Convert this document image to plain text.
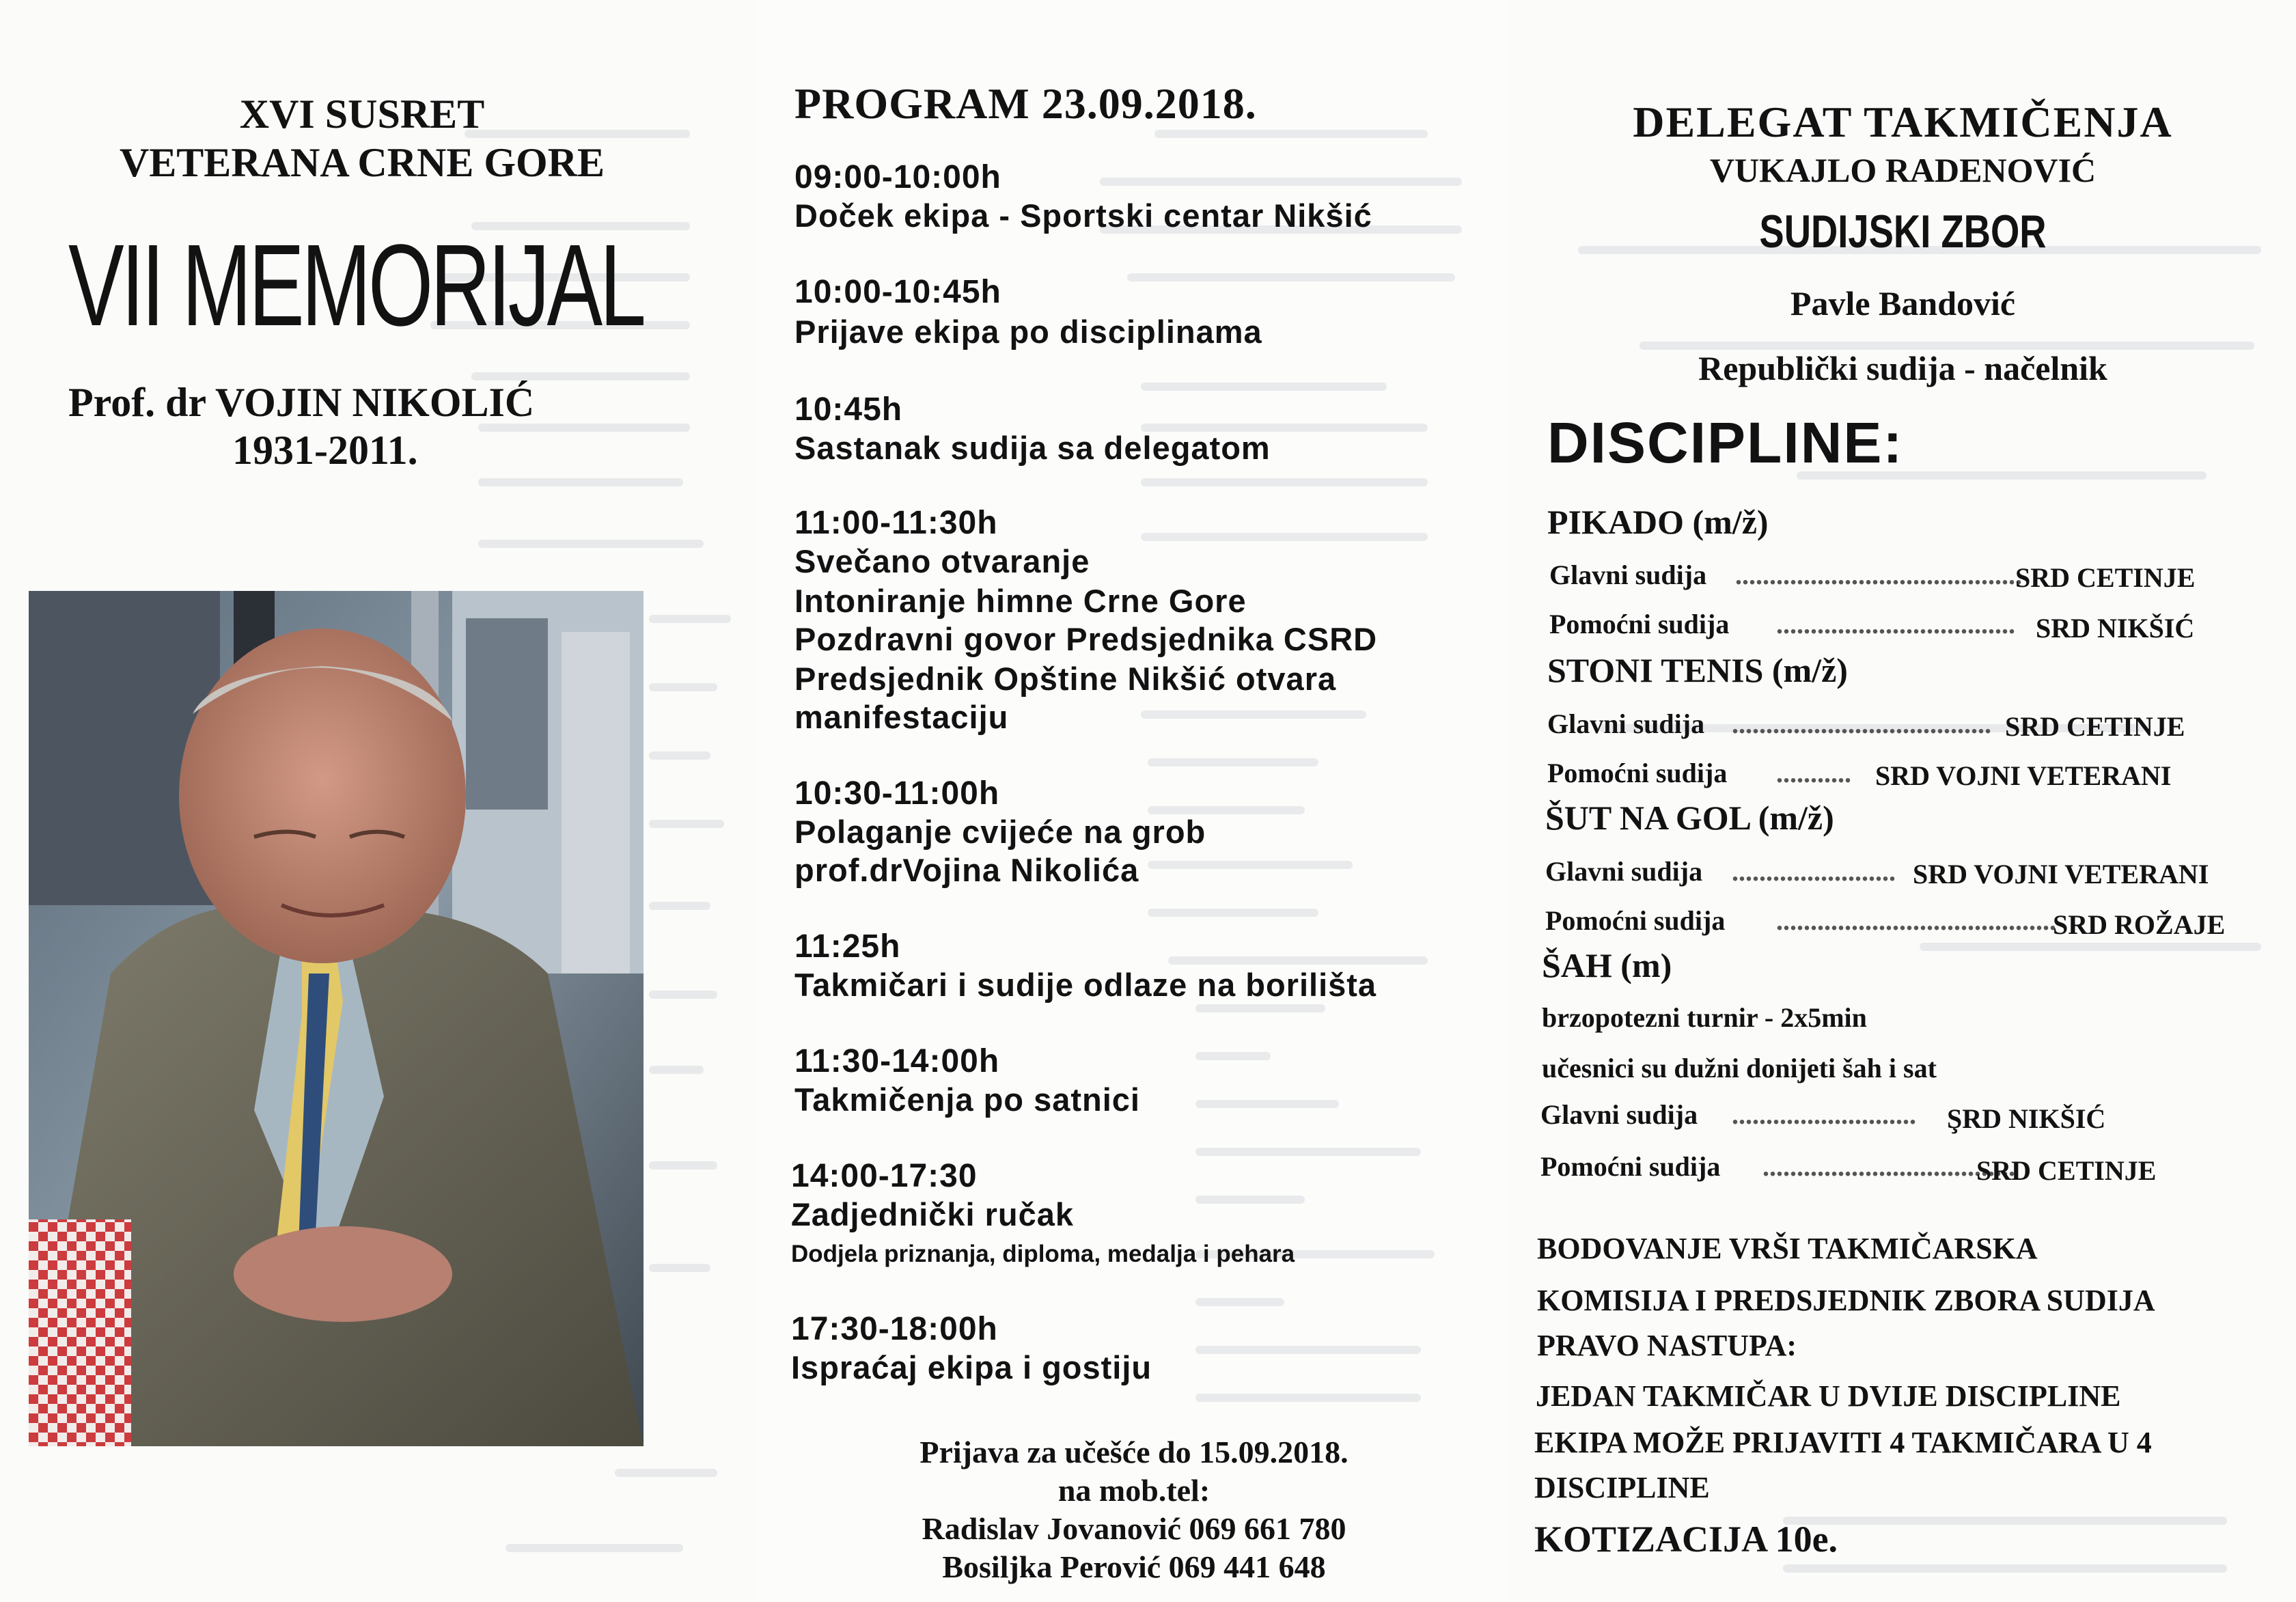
XVI SUSRET
VETERANA CRNE GORE
VII MEMORIJAL
Prof. dr VOJIN NIKOLIĆ
1931-2011.
PROGRAM 23.09.2018.
09:00-10:00h
Doček ekipa - Sportski centar Nikšić
10:00-10:45h
Prijave ekipa po disciplinama
10:45h
Sastanak sudija sa delegatom
11:00-11:30h
Svečano otvaranje
Intoniranje himne Crne Gore
Pozdravni govor Predsjednika CSRD
Predsjednik Opštine Nikšić otvara
manifestaciju
10:30-11:00h
Polaganje cvijeće na grob
prof.drVojina Nikolića
11:25h
Takmičari i sudije odlaze na borilišta
11:30-14:00h
Takmičenja po satnici
14:00-17:30
Zadjednički ručak
Dodjela priznanja, diploma, medalja i pehara
17:30-18:00h
Ispraćaj ekipa i gostiju
Prijava za učešće do 15.09.2018.
na mob.tel:
Radislav Jovanović 069 661 780
Bosiljka Perović 069 441 648
DELEGAT TAKMIČENJA
VUKAJLO RADENOVIĆ
SUDIJSKI ZBOR
Pavle Bandović
Republički sudija - načelnik
DISCIPLINE:
PIKADO (m/ž)
Glavni sudija ..........................................
SRD CETINJE
Pomoćni sudija ................................... SRD NIKŠIĆ
STONI TENIS (m/ž)
Glavni sudija ...................................... SRD CETINJE
Pomoćni sudija ........... SRD VOJNI VETERANI
ŠUT NA GOL (m/ž)
Glavni sudija ........................ SRD VOJNI VETERANI
Pomoćni sudija .........................................
SRD ROŽAJE
ŠAH (m)
brzopotezni turnir - 2x5min
učesnici su dužni donijeti šah i sat
Glavni sudija ........................... ŞRD NIKŠIĆ
Pomoćni sudija .....................................
SRD CETINJE
BODOVANJE VRŠI TAKMIČARSKA
KOMISIJA I PREDSJEDNIK ZBORA SUDIJA
PRAVO NASTUPA:
JEDAN TAKMIČAR U DVIJE DISCIPLINE
EKIPA MOŽE PRIJAVITI 4 TAKMIČARA U 4
DISCIPLINE
KOTIZACIJA 10e.
